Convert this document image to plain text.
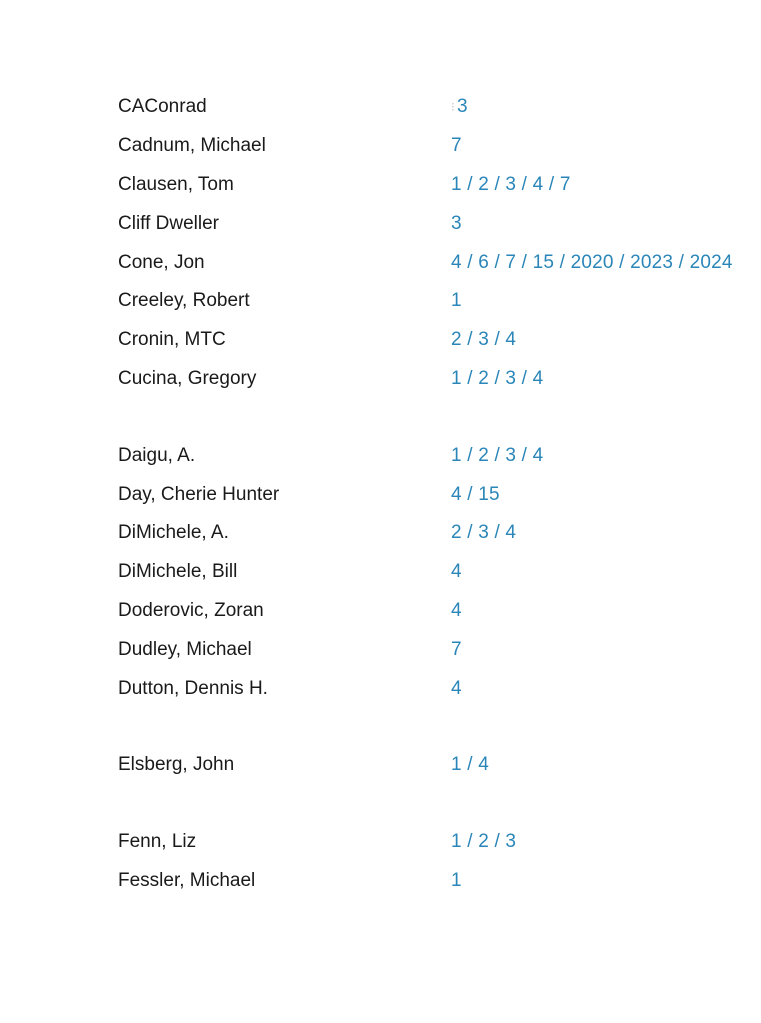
CAConrad	⁝ 3
Cadnum, Michael	7
Clausen, Tom	1 / 2 / 3 / 4 / 7
Cliff Dweller	3
Cone, Jon	4 / 6 / 7 / 15 / 2020 / 2023 / 2024
Creeley, Robert	1
Cronin, MTC	2 / 3 / 4
Cucina, Gregory	1 / 2 / 3 / 4
Daigu, A.	1 / 2 / 3 / 4
Day, Cherie Hunter	4 / 15
DiMichele, A.	2 / 3 / 4
DiMichele, Bill	4
Doderovic, Zoran	4
Dudley, Michael	7
Dutton, Dennis H.	4
Elsberg, John	1 / 4
Fenn, Liz	1 / 2 / 3
Fessler, Michael	1
